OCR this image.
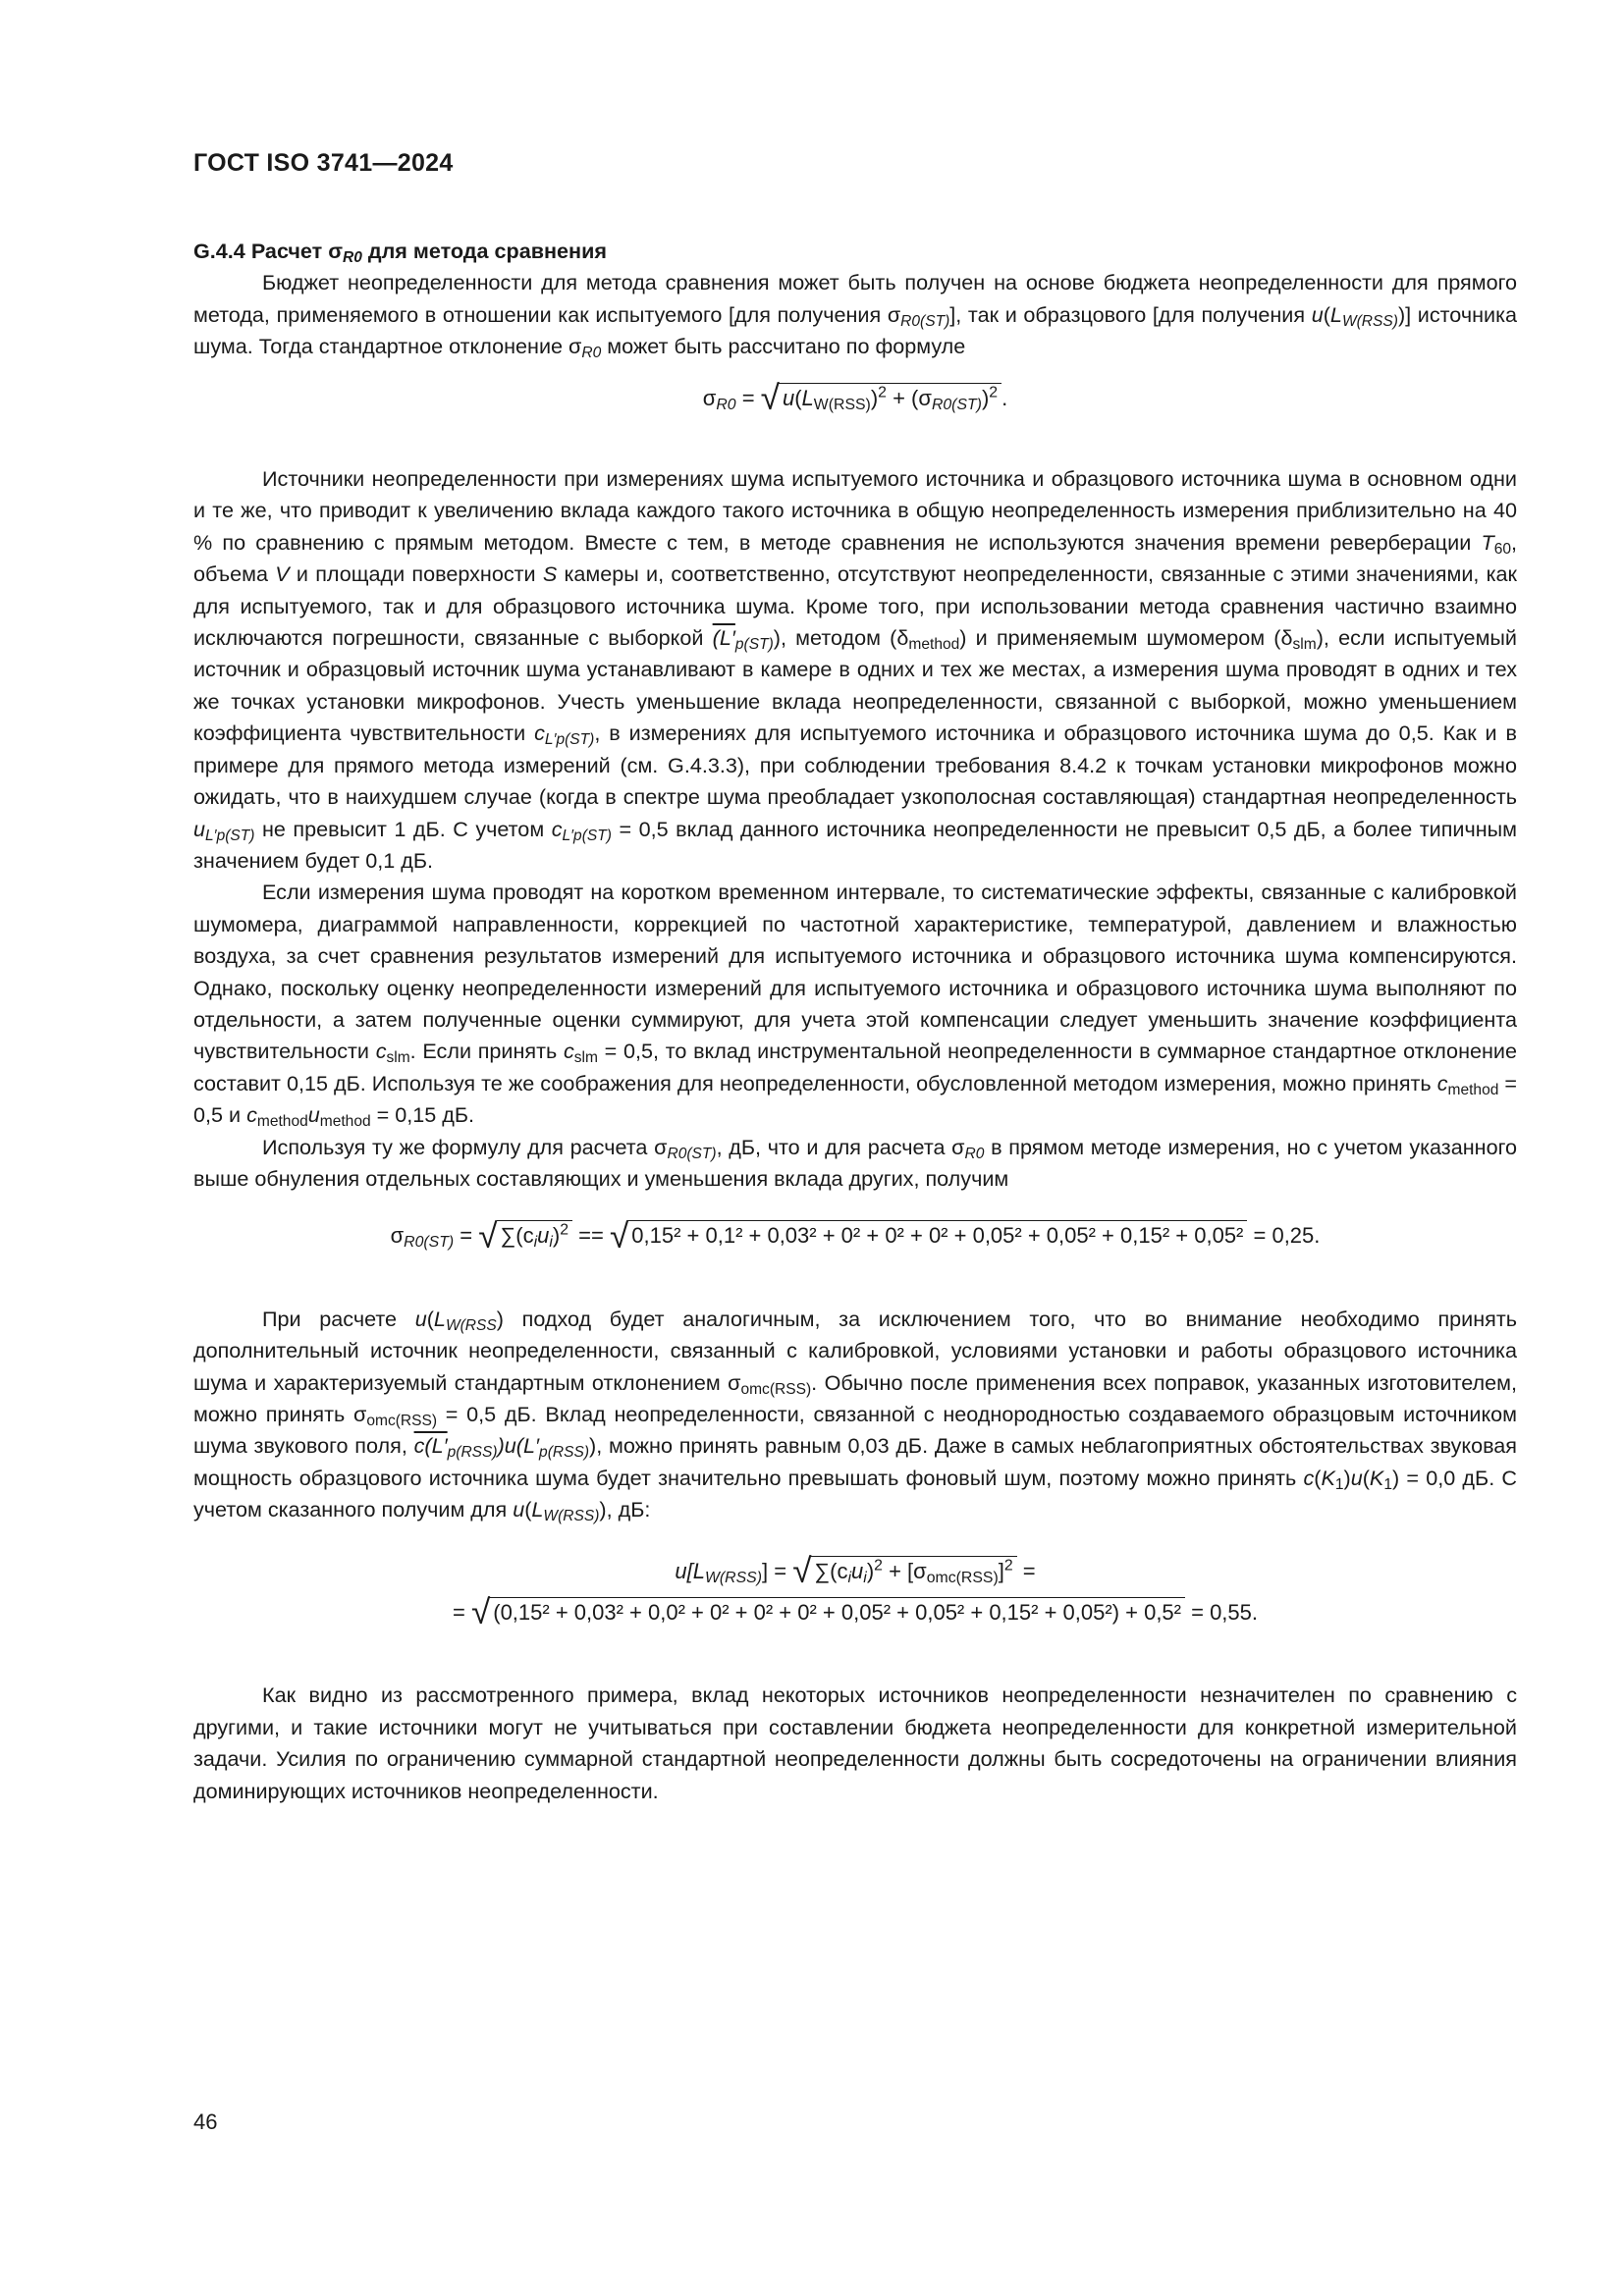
ГОСТ ISO 3741—2024

G.4.4 Расчет $\sigma_{R0}$ для метода сравнения

Бюджет неопределенности для метода сравнения может быть получен на основе бюджета неопределенности для прямого метода, применяемого в отношении как испытуемого [для получения $\sigma_{R0(ST)}$], так и образцового [для получения $u(L_{W(RSS)})$] источника шума. Тогда стандартное отклонение $\sigma_{R0}$ может быть рассчитано по формуле

$\sigma_{R0}$ = √ $u(L_{W(RSS)})^2 + (\sigma_{R0(ST)})^2$ .

Источники неопределенности при измерениях шума испытуемого источника и образцового источника шума в основном одни и те же, что приводит к увеличению вклада каждого такого источника в общую неопределенность измерения приблизительно на 40 % по сравнению с прямым методом. Вместе с тем, в методе сравнения не используются значения времени реверберации $T_{60}$, объема V и площади поверхности S камеры и, соответственно, отсутствуют неопределенности, связанные с этими значениями, как для испытуемого, так и для образцового источника шума. Кроме того, при использовании метода сравнения частично взаимно исключаются погрешности, связанные с выборкой $(L'_{p(ST)})$, методом $(\delta_{method})$ и применяемым шумомером $(\delta_{slm})$, если испытуемый источник и образцовый источник шума устанавливают в камере в одних и тех же местах, а измерения шума проводят в одних и тех же точках установки микрофонов. Учесть уменьшение вклада неопределенности, связанной с выборкой, можно уменьшением коэффициента чувствительности $c_{L'p(ST)}$, в измерениях для испытуемого источника и образцового источника шума до 0,5. Как и в примере для прямого метода измерений (см. G.4.3.3), при соблюдении требования 8.4.2 к точкам установки микрофонов можно ожидать, что в наихудшем случае (когда в спектре шума преобладает узкополосная составляющая) стандартная неопределенность $u_{L'p(ST)}$ не превысит 1 дБ. С учетом $c_{L'p(ST)} = 0,5$ вклад данного источника неопределенности не превысит 0,5 дБ, а более типичным значением будет 0,1 дБ.

Если измерения шума проводят на коротком временном интервале, то систематические эффекты, связанные с калибровкой шумомера, диаграммой направленности, коррекцией по частотной характеристике, температурой, давлением и влажностью воздуха, за счет сравнения результатов измерений для испытуемого источника и образцового источника шума компенсируются. Однако, поскольку оценку неопределенности измерений для испытуемого источника и образцового источника шума выполняют по отдельности, а затем полученные оценки суммируют, для учета этой компенсации следует уменьшить значение коэффициента чувствительности $c_{slm}$. Если принять $c_{slm} = 0,5$, то вклад инструментальной неопределенности в суммарное стандартное отклонение составит 0,15 дБ. Используя те же соображения для неопределенности, обусловленной методом измерения, можно принять $c_{method} = 0,5$ и $c_{method}u_{method} = 0,15$ дБ.

Используя ту же формулу для расчета $\sigma_{R0(ST)}$, дБ, что и для расчета $\sigma_{R0}$ в прямом методе измерения, но с учетом указанного выше обнуления отдельных составляющих и уменьшения вклада других, получим

$\sigma_{R0(ST)}$ = √ $\sum(c_iu_i)^2$ == √ 0,15² + 0,1² + 0,03² + 0² + 0² + 0² + 0,05² + 0,05² + 0,15² + 0,05² = 0,25.

При расчете $u(L_{W(RSS})$ подход будет аналогичным, за исключением того, что во внимание необходимо принять дополнительный источник неопределенности, связанный с калибровкой, условиями установки и работы образцового источника шума и характеризуемый стандартным отклонением $\sigma_{omc(RSS)}$. Обычно после применения всех поправок, указанных изготовителем, можно принять $\sigma_{omc(RSS)} = 0,5$ дБ. Вклад неопределенности, связанной с неоднородностью создаваемого образцовым источником шума звукового поля, $c(L'_{p(RSS)})u(L'_{p(RSS)})$, можно принять равным 0,03 дБ. Даже в самых неблагоприятных обстоятельствах звуковая мощность образцового источника шума будет значительно превышать фоновый шум, поэтому можно принять $c(K_1)u(K_1) = 0,0$ дБ. С учетом сказанного получим для $u(L_{W(RSS)})$, дБ:

$u[L_{W(RSS)}]$ = √ $\sum(c_iu_i)^2 + [\sigma_{omc(RSS)}]^2$ =
= √ (0,15² + 0,03² + 0,0² + 0² + 0² + 0² + 0,05² + 0,05² + 0,15² + 0,05²) + 0,5² = 0,55.

Как видно из рассмотренного примера, вклад некоторых источников неопределенности незначителен по сравнению с другими, и такие источники могут не учитываться при составлении бюджета неопределенности для конкретной измерительной задачи. Усилия по ограничению суммарной стандартной неопределенности должны быть сосредоточены на ограничении влияния доминирующих источников неопределенности.

46
